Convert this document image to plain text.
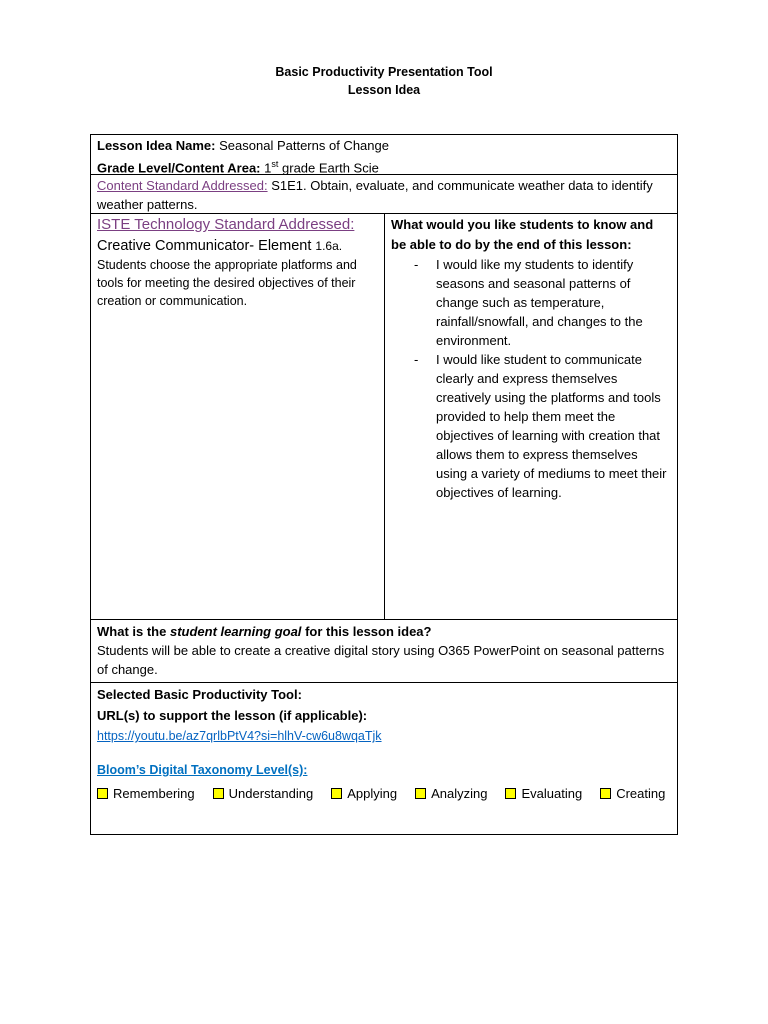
Basic Productivity Presentation Tool
Lesson Idea
Lesson Idea Name: Seasonal Patterns of Change
Grade Level/Content Area: 1st grade Earth Scie
Content Standard Addressed: S1E1. Obtain, evaluate, and communicate weather data to identify weather patterns.
ISTE Technology Standard Addressed:
Creative Communicator- Element 1.6a.
Students choose the appropriate platforms and tools for meeting the desired objectives of their creation or communication.
What would you like students to know and be able to do by the end of this lesson:
- I would like my students to identify seasons and seasonal patterns of change such as temperature, rainfall/snowfall, and changes to the environment.
- I would like student to communicate clearly and express themselves creatively using the platforms and tools provided to help them meet the objectives of learning with creation that allows them to express themselves using a variety of mediums to meet their objectives of learning.
What is the student learning goal for this lesson idea?
Students will be able to create a creative digital story using O365 PowerPoint on seasonal patterns of change.
Selected Basic Productivity Tool:
URL(s) to support the lesson (if applicable):
https://youtu.be/az7qrlbPtV4?si=hlhV-cw6u8wqaTjk
Bloom’s Digital Taxonomy Level(s):
Remembering	Understanding	Applying	Analyzing	Evaluating	Creating
